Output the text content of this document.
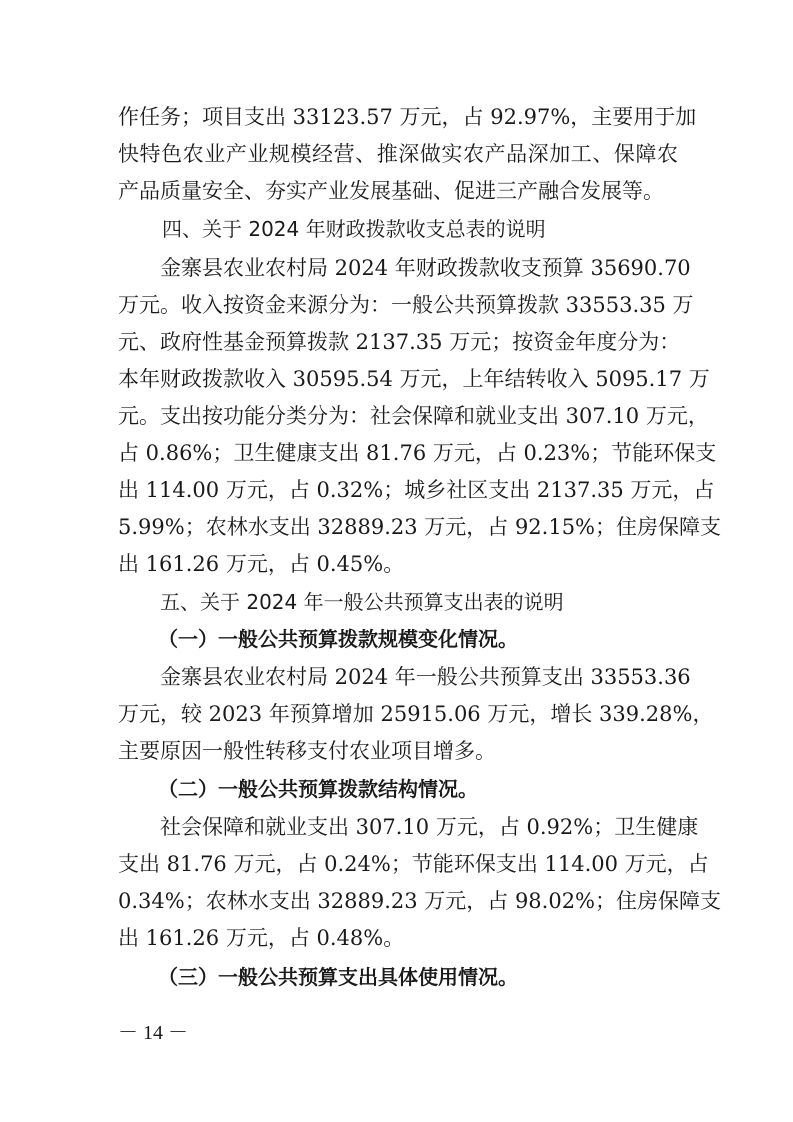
作任务；项目支出 33123.57 万元，占 92.97%，主要用于加
快特色农业产业规模经营、推深做实农产品深加工、保障农
产品质量安全、夯实产业发展基础、促进三产融合发展等。
四、关于 2024 年财政拨款收支总表的说明
金寨县农业农村局 2024 年财政拨款收支预算 35690.70
万元。收入按资金来源分为：一般公共预算拨款 33553.35 万
元、政府性基金预算拨款 2137.35 万元；按资金年度分为：
本年财政拨款收入 30595.54 万元，上年结转收入 5095.17 万
元。支出按功能分类分为：社会保障和就业支出 307.10 万元，
占 0.86%；卫生健康支出 81.76 万元，占 0.23%；节能环保支
出 114.00 万元，占 0.32%；城乡社区支出 2137.35 万元，占
5.99%；农林水支出 32889.23 万元，占 92.15%；住房保障支
出 161.26 万元，占 0.45%。
五、关于 2024 年一般公共预算支出表的说明
（一）一般公共预算拨款规模变化情况。
金寨县农业农村局 2024 年一般公共预算支出 33553.36
万元，较 2023 年预算增加 25915.06 万元，增长 339.28%，
主要原因一般性转移支付农业项目增多。
（二）一般公共预算拨款结构情况。
社会保障和就业支出 307.10 万元，占 0.92%；卫生健康
支出 81.76 万元，占 0.24%；节能环保支出 114.00 万元，占
0.34%；农林水支出 32889.23 万元，占 98.02%；住房保障支
出 161.26 万元，占 0.48%。
（三）一般公共预算支出具体使用情况。
－ 14 －
